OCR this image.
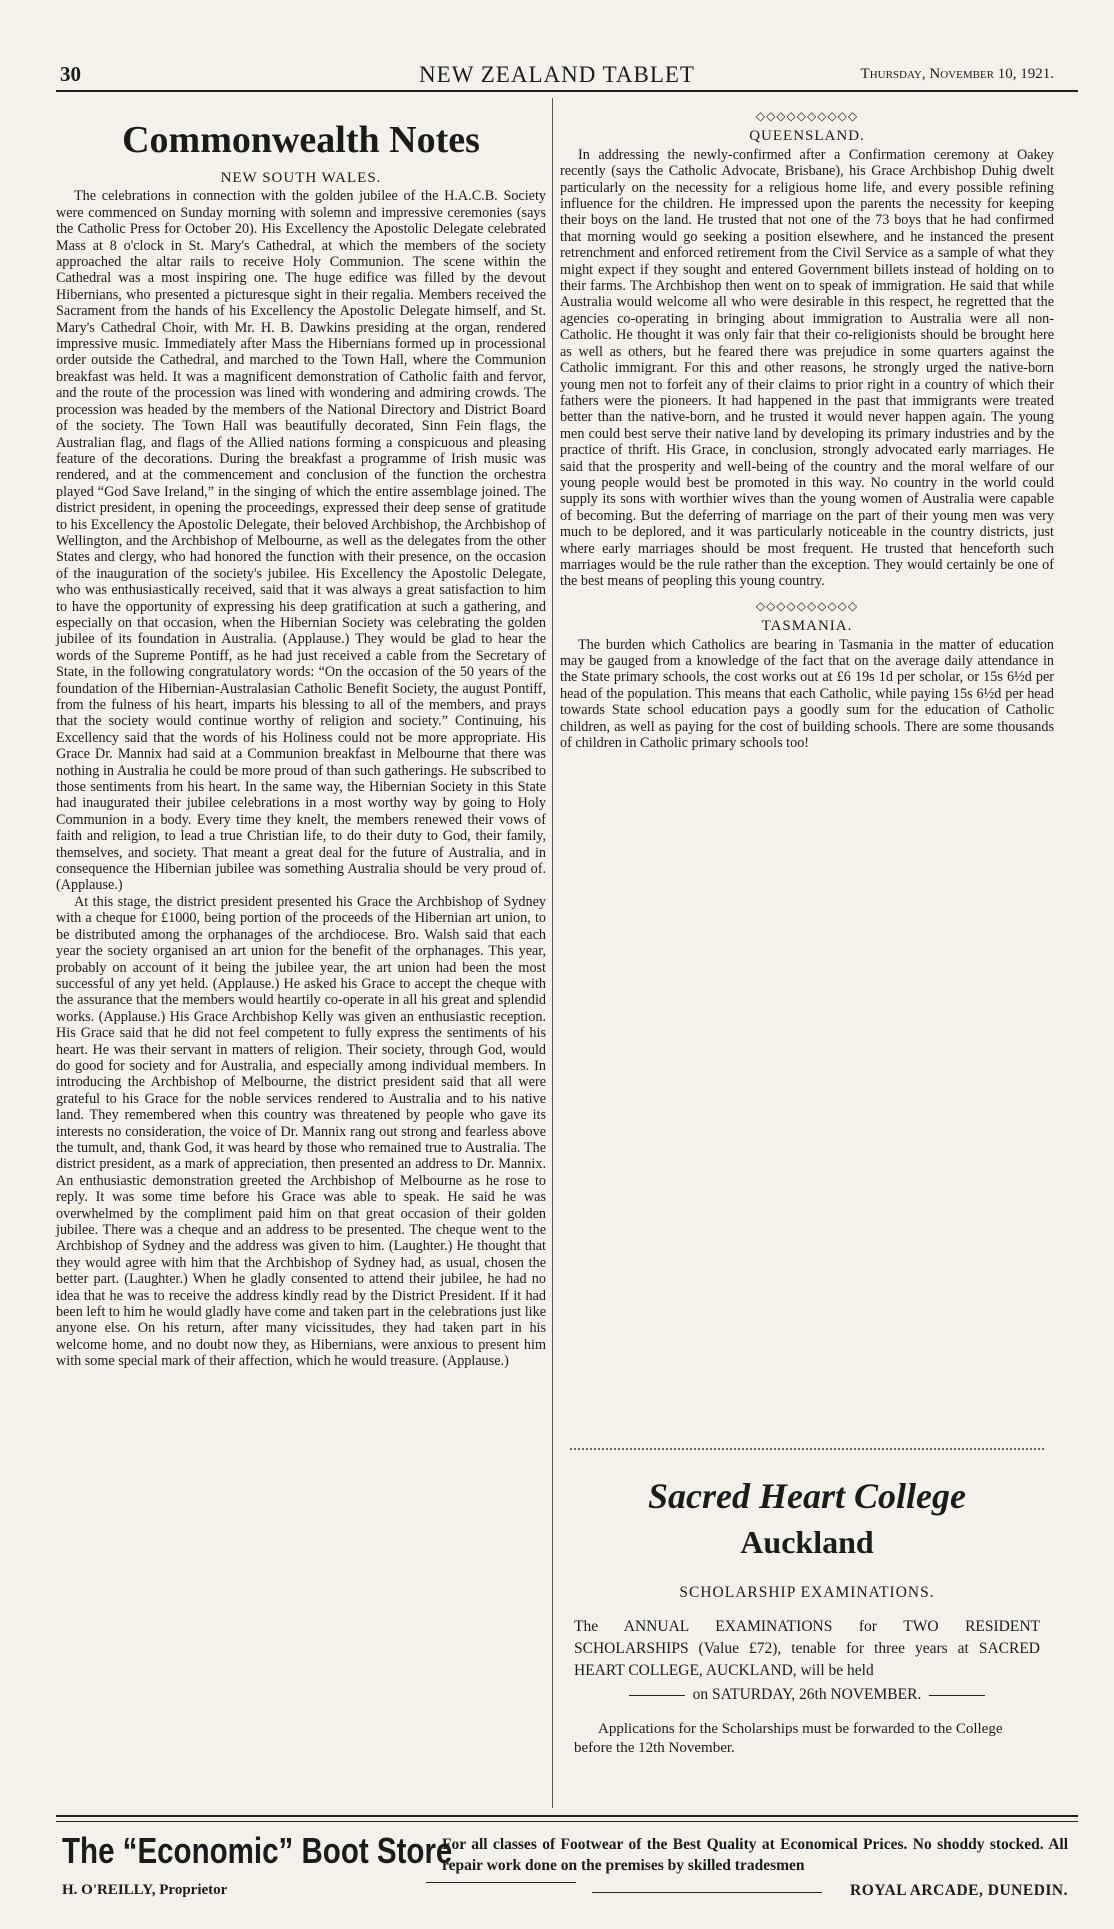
30	NEW ZEALAND TABLET	Thursday, November 10, 1921.
Commonwealth Notes
NEW SOUTH WALES.

The celebrations in connection with the golden jubilee of the H.A.C.B. Society were commenced on Sunday morning with solemn and impressive ceremonies (says the Catholic Press for October 20). His Excellency the Apostolic Delegate celebrated Mass at 8 o'clock in St. Mary's Cathedral, at which the members of the society approached the altar rails to receive Holy Communion. The scene within the Cathedral was a most inspiring one. The huge edifice was filled by the devout Hibernians, who presented a picturesque sight in their regalia. Members received the Sacrament from the hands of his Excellency the Apostolic Delegate himself, and St. Mary's Cathedral Choir, with Mr. H. B. Dawkins presiding at the organ, rendered impressive music. Immediately after Mass the Hibernians formed up in processional order outside the Cathedral, and marched to the Town Hall, where the Communion breakfast was held. It was a magnificent demonstration of Catholic faith and fervor, and the route of the procession was lined with wondering and admiring crowds. The procession was headed by the members of the National Directory and District Board of the society. The Town Hall was beautifully decorated, Sinn Fein flags, the Australian flag, and flags of the Allied nations forming a conspicuous and pleasing feature of the decorations. During the breakfast a programme of Irish music was rendered, and at the commencement and conclusion of the function the orchestra played “God Save Ireland,” in the singing of which the entire assemblage joined. The district president, in opening the proceedings, expressed their deep sense of gratitude to his Excellency the Apostolic Delegate, their beloved Archbishop, the Archbishop of Wellington, and the Archbishop of Melbourne, as well as the delegates from the other States and clergy, who had honored the function with their presence, on the occasion of the inauguration of the society's jubilee. His Excellency the Apostolic Delegate, who was enthusiastically received, said that it was always a great satisfaction to him to have the opportunity of expressing his deep gratification at such a gathering, and especially on that occasion, when the Hibernian Society was celebrating the golden jubilee of its foundation in Australia. (Applause.) They would be glad to hear the words of the Supreme Pontiff, as he had just received a cable from the Secretary of State, in the following congratulatory words: “On the occasion of the 50 years of the foundation of the Hibernian-Australasian Catholic Benefit Society, the august Pontiff, from the fulness of his heart, imparts his blessing to all of the members, and prays that the society would continue worthy of religion and society.” Continuing, his Excellency said that the words of his Holiness could not be more appropriate. His Grace Dr. Mannix had said at a Communion breakfast in Melbourne that there was nothing in Australia he could be more proud of than such gatherings. He subscribed to those sentiments from his heart. In the same way, the Hibernian Society in this State had inaugurated their jubilee celebrations in a most worthy way by going to Holy Communion in a body. Every time they knelt, the members renewed their vows of faith and religion, to lead a true Christian life, to do their duty to God, their family, themselves, and society. That meant a great deal for the future of Australia, and in consequence the Hibernian jubilee was something Australia should be very proud of. (Applause.)

At this stage, the district president presented his Grace the Archbishop of Sydney with a cheque for £1000, being portion of the proceeds of the Hibernian art union, to be distributed among the orphanages of the archdiocese. Bro. Walsh said that each year the society organised an art union for the benefit of the orphanages. This year, probably on account of it being the jubilee year, the art union had been the most successful of any yet held. (Applause.) He asked his Grace to accept the cheque with the assurance that the members would heartily co-operate in all his great and splendid works. (Applause.) His Grace Archbishop Kelly was given an enthusiastic reception. His Grace said that he did not feel competent to fully express the sentiments of his heart. He was their servant in matters of religion. Their society, through God, would do good for society and for Australia, and especially among individual members. In introducing the Archbishop of Melbourne, the district president said that all were grateful to his Grace for the noble services rendered to Australia and to his native land. They remembered when this country was threatened by people who gave its interests no consideration, the voice of Dr. Mannix rang out strong and fearless above the tumult, and, thank God, it was heard by those who remained true to Australia. The district president, as a mark of appreciation, then presented an address to Dr. Mannix. An enthusiastic demonstration greeted the Archbishop of Melbourne as he rose to reply. It was some time before his Grace was able to speak. He said he was overwhelmed by the compliment paid him on that great occasion of their golden jubilee. There was a cheque and an address to be presented. The cheque went to the Archbishop of Sydney and the address was given to him. (Laughter.) He thought that they would agree with him that the Archbishop of Sydney had, as usual, chosen the better part. (Laughter.) When he gladly consented to attend their jubilee, he had no idea that he was to receive the address kindly read by the District President. If it had been left to him he would gladly have come and taken part in the celebrations just like anyone else. On his return, after many vicissitudes, they had taken part in his welcome home, and no doubt now they, as Hibernians, were anxious to present him with some special mark of their affection, which he would treasure. (Applause.)

◇◇◇◇◇◇◇◇◇◇
QUEENSLAND.

In addressing the newly-confirmed after a Confirmation ceremony at Oakey recently (says the Catholic Advocate, Brisbane), his Grace Archbishop Duhig dwelt particularly on the necessity for a religious home life, and every possible refining influence for the children. He impressed upon the parents the necessity for keeping their boys on the land. He trusted that not one of the 73 boys that he had confirmed that morning would go seeking a position elsewhere, and he instanced the present retrenchment and enforced retirement from the Civil Service as a sample of what they might expect if they sought and entered Government billets instead of holding on to their farms. The Archbishop then went on to speak of immigration. He said that while Australia would welcome all who were desirable in this respect, he regretted that the agencies co-operating in bringing about immigration to Australia were all non-Catholic. He thought it was only fair that their co-religionists should be brought here as well as others, but he feared there was prejudice in some quarters against the Catholic immigrant. For this and other reasons, he strongly urged the native-born young men not to forfeit any of their claims to prior right in a country of which their fathers were the pioneers. It had happened in the past that immigrants were treated better than the native-born, and he trusted it would never happen again. The young men could best serve their native land by developing its primary industries and by the practice of thrift. His Grace, in conclusion, strongly advocated early marriages. He said that the prosperity and well-being of the country and the moral welfare of our young people would best be promoted in this way. No country in the world could supply its sons with worthier wives than the young women of Australia were capable of becoming. But the deferring of marriage on the part of their young men was very much to be deplored, and it was particularly noticeable in the country districts, just where early marriages should be most frequent. He trusted that henceforth such marriages would be the rule rather than the exception. They would certainly be one of the best means of peopling this young country.

◇◇◇◇◇◇◇◇◇◇
TASMANIA.

The burden which Catholics are bearing in Tasmania in the matter of education may be gauged from a knowledge of the fact that on the average daily attendance in the State primary schools, the cost works out at £6 19s 1d per scholar, or 15s 6½d per head of the population. This means that each Catholic, while paying 15s 6½d per head towards State school education pays a goodly sum for the education of Catholic children, as well as paying for the cost of building schools. There are some thousands of children in Catholic primary schools too!

Sacred Heart College
Auckland
SCHOLARSHIP EXAMINATIONS.
The ANNUAL EXAMINATIONS for TWO RESIDENT SCHOLARSHIPS (Value £72), tenable for three years at SACRED HEART COLLEGE, AUCKLAND, will be held
on SATURDAY, 26th NOVEMBER.
Applications for the Scholarships must be forwarded to the College before the 12th November.
The “Economic” Boot Store
H. O'REILLY, Proprietor
For all classes of Footwear of the Best Quality at Economical Prices. No shoddy stocked. All repair work done on the premises by skilled tradesmen
ROYAL ARCADE, DUNEDIN.
